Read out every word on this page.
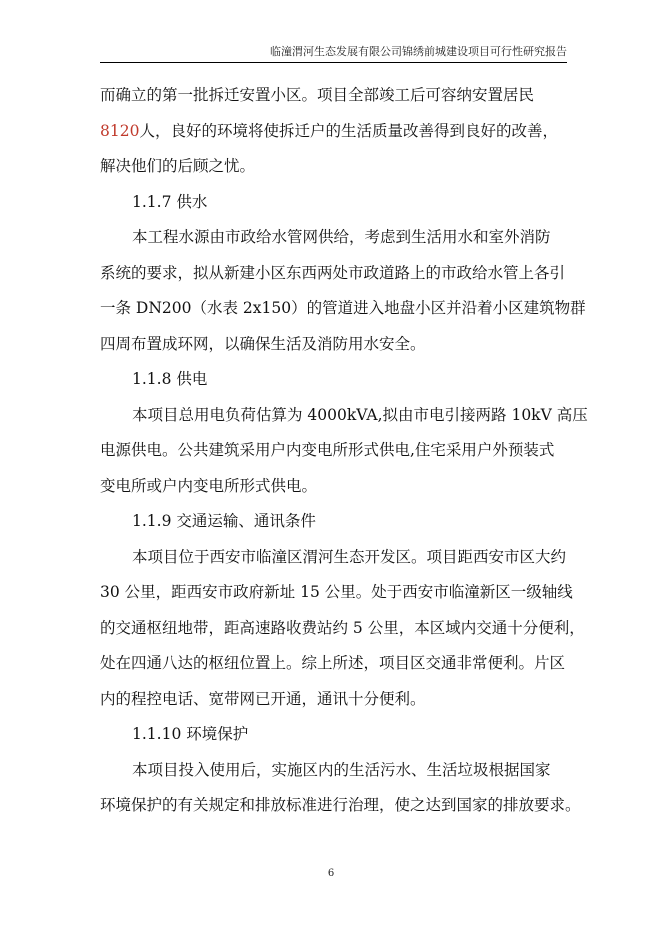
临潼渭河生态发展有限公司锦绣前城建设项目可行性研究报告
而确立的第一批拆迁安置小区。项目全部竣工后可容纳安置居民
8120人，良好的环境将使拆迁户的生活质量改善得到良好的改善，
解决他们的后顾之忧。
1.1.7 供水
本工程水源由市政给水管网供给，考虑到生活用水和室外消防
系统的要求，拟从新建小区东西两处市政道路上的市政给水管上各引
一条 DN200（水表 2x150）的管道进入地盘小区并沿着小区建筑物群
四周布置成环网，以确保生活及消防用水安全。
1.1.8 供电
本项目总用电负荷估算为 4000kVA,拟由市电引接两路 10kV 高压
电源供电。公共建筑采用户内变电所形式供电,住宅采用户外预装式
变电所或户内变电所形式供电。
1.1.9 交通运输、通讯条件
本项目位于西安市临潼区渭河生态开发区。项目距西安市区大约
30 公里，距西安市政府新址 15 公里。处于西安市临潼新区一级轴线
的交通枢纽地带，距高速路收费站约 5 公里，本区域内交通十分便利，
处在四通八达的枢纽位置上。综上所述，项目区交通非常便利。片区
内的程控电话、宽带网已开通，通讯十分便利。
1.1.10 环境保护
本项目投入使用后，实施区内的生活污水、生活垃圾根据国家
环境保护的有关规定和排放标准进行治理，使之达到国家的排放要求。
6
